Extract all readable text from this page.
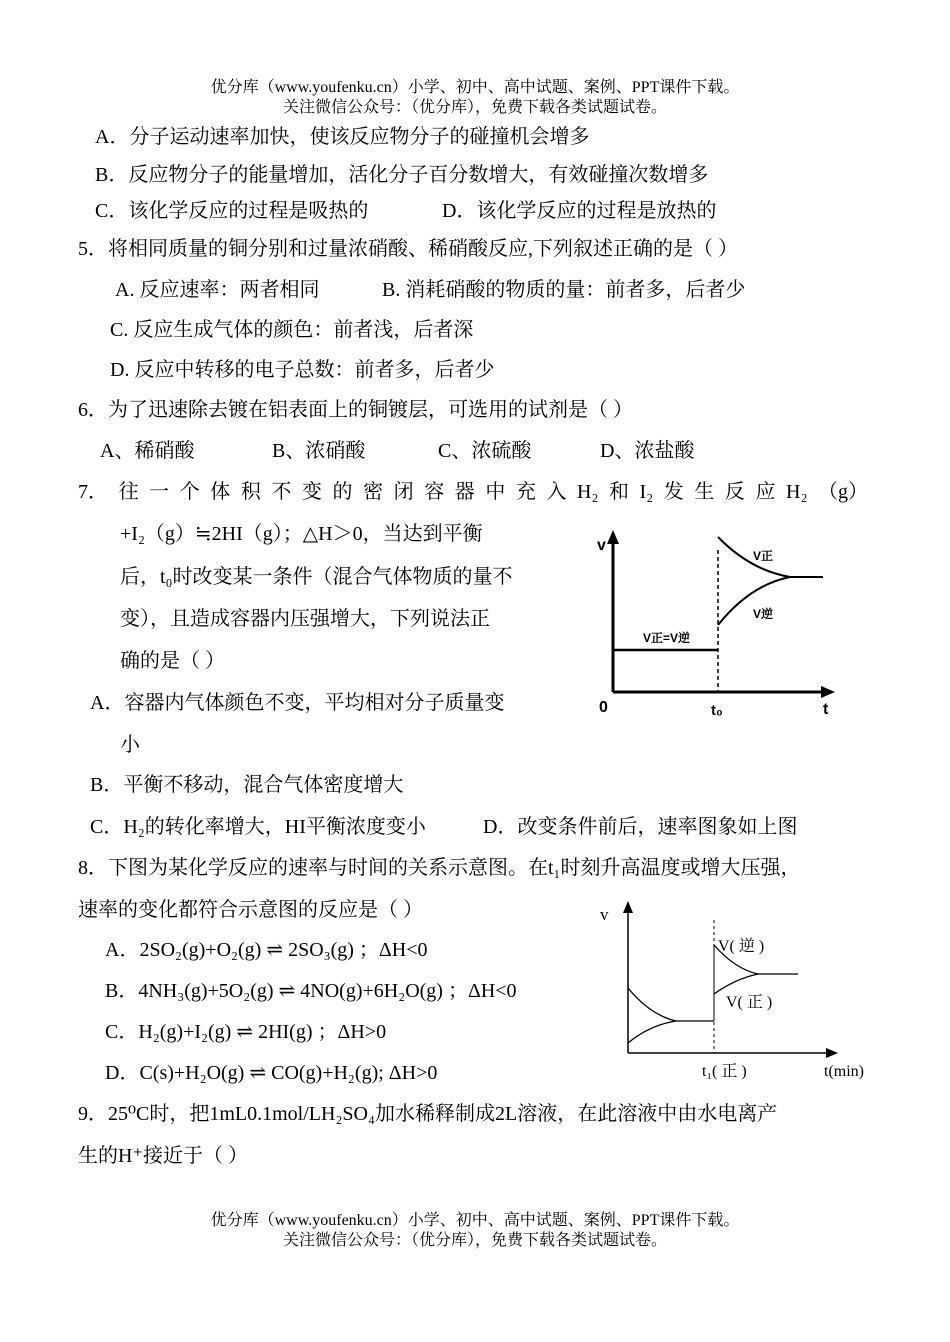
优分库（www.youfenku.cn）小学、初中、高中试题、案例、PPT课件下载。
关注微信公众号：（优分库），免费下载各类试题试卷。
A．分子运动速率加快，使该反应物分子的碰撞机会增多
B．反应物分子的能量增加，活化分子百分数增大，有效碰撞次数增多
C．该化学反应的过程是吸热的	D．该化学反应的过程是放热的
5．将相同质量的铜分别和过量浓硝酸、稀硝酸反应,下列叙述正确的是（ ）
A. 反应速率：两者相同	B. 消耗硝酸的物质的量：前者多，后者少
C. 反应生成气体的颜色：前者浅，后者深
D. 反应中转移的电子总数：前者多，后者少
6．为了迅速除去镀在铝表面上的铜镀层，可选用的试剂是（ ）
A、稀硝酸	B、浓硝酸	C、浓硫酸	D、浓盐酸
7． 往 一 个 体 积 不 变 的 密 闭 容 器 中 充 入 H₂ 和 I₂ 发 生 反 应 H₂ （g）
+I₂（g）≒2HI（g）；△H＞0，当达到平衡
后，t₀时改变某一条件（混合气体物质的量不
变），且造成容器内压强增大，下列说法正
确的是（ ）
A．容器内气体颜色不变，平均相对分子质量变
小
B．平衡不移动，混合气体密度增大
C．H₂的转化率增大，HI平衡浓度变小	D．改变条件前后，速率图象如上图
v
0	t
t₀
V正=V逆
V正
V逆
8．下图为某化学反应的速率与时间的关系示意图。在t₁时刻升高温度或增大压强，
速率的变化都符合示意图的反应是（ ）
A．2SO₂(g)+O₂(g) ⇌ 2SO₃(g) ；ΔH<0
B．4NH₃(g)+5O₂(g) ⇌ 4NO(g)+6H₂O(g) ；ΔH<0
C．H₂(g)+I₂(g) ⇌ 2HI(g) ；ΔH>0
D．C(s)+H₂O(g) ⇌ CO(g)+H₂(g); ΔH>0
v
V( 逆 )
V( 正 )
t₁( 正 )	t(min)
9．25⁰C时，把1mL0.1mol/LH₂SO₄加水稀释制成2L溶液，在此溶液中由水电离产
生的H⁺接近于（ ）
优分库（www.youfenku.cn）小学、初中、高中试题、案例、PPT课件下载。
关注微信公众号：（优分库），免费下载各类试题试卷。
